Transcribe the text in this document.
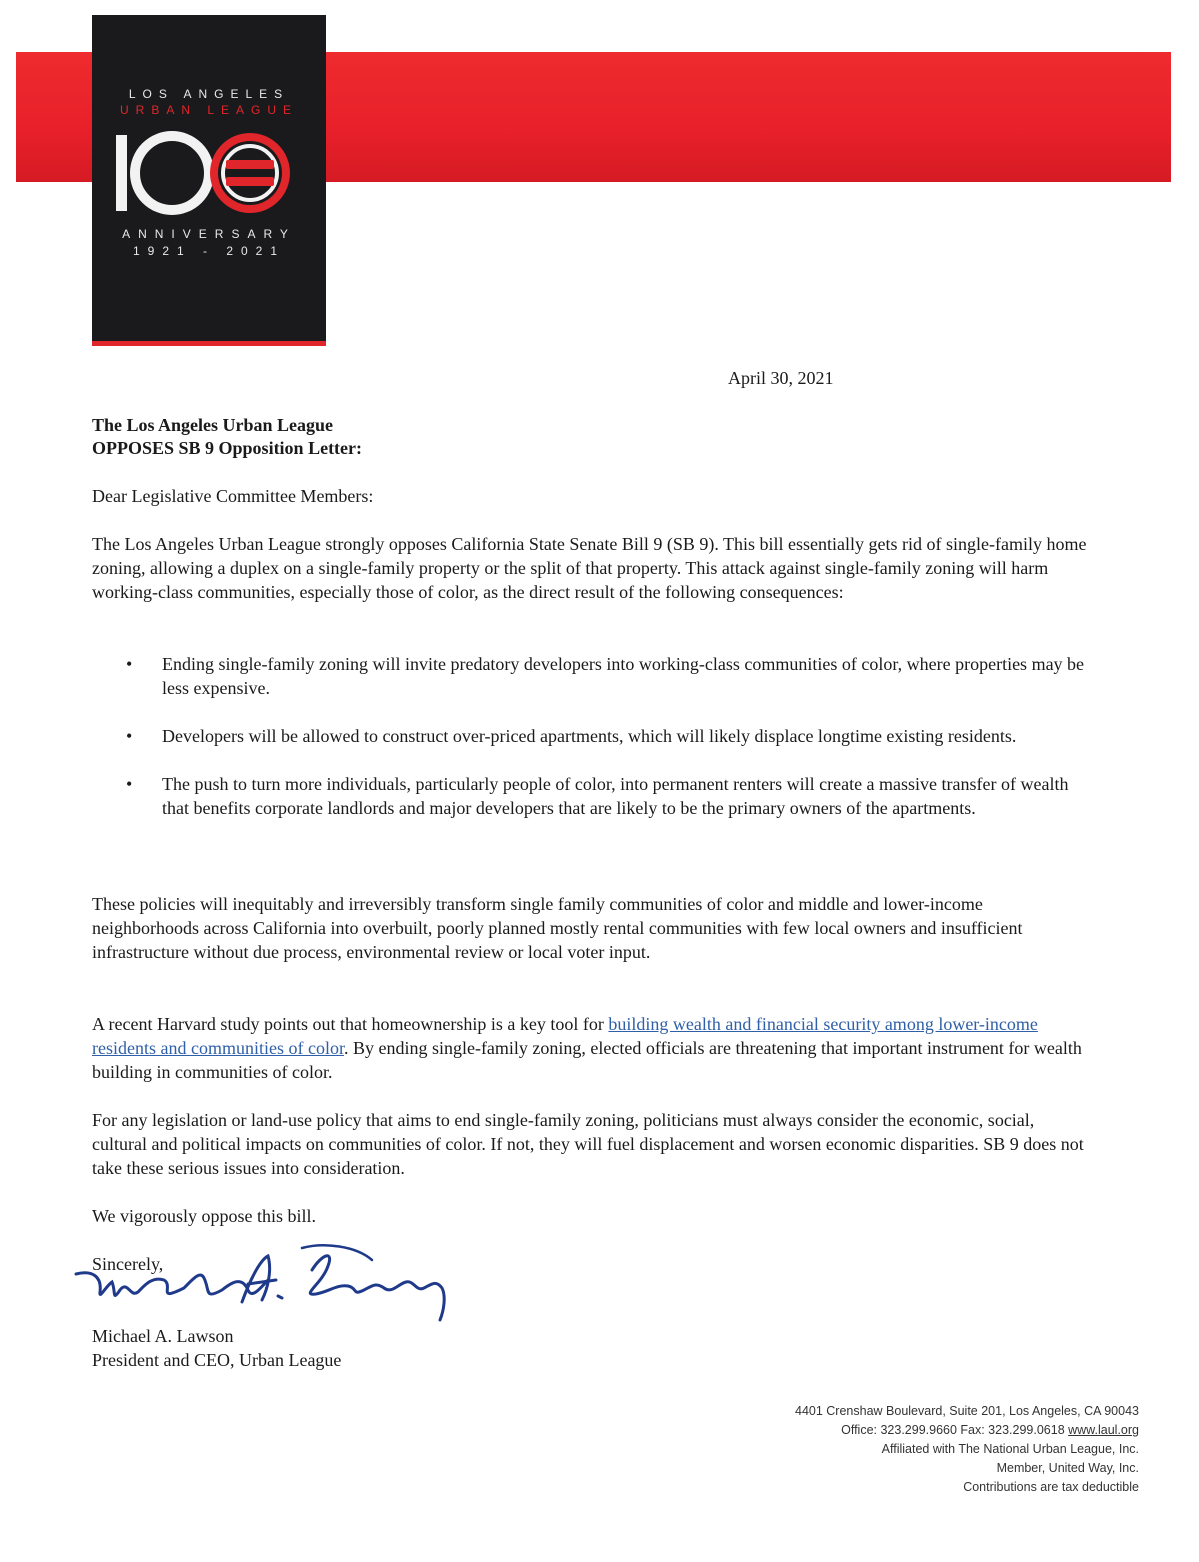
LOS ANGELES
URBAN LEAGUE
ANNIVERSARY
1921 - 2021

April 30, 2021

The Los Angeles Urban League
OPPOSES SB 9 Opposition Letter:

Dear Legislative Committee Members:

The Los Angeles Urban League strongly opposes California State Senate Bill 9 (SB 9). This bill essentially gets rid of single-family home zoning, allowing a duplex on a single-family property or the split of that property. This attack against single-family zoning will harm working-class communities, especially those of color, as the direct result of the following consequences:

• Ending single-family zoning will invite predatory developers into working-class communities of color, where properties may be less expensive.
• Developers will be allowed to construct over-priced apartments, which will likely displace longtime existing residents.
• The push to turn more individuals, particularly people of color, into permanent renters will create a massive transfer of wealth that benefits corporate landlords and major developers that are likely to be the primary owners of the apartments.

These policies will inequitably and irreversibly transform single family communities of color and middle and lower-income neighborhoods across California into overbuilt, poorly planned mostly rental communities with few local owners and insufficient infrastructure without due process, environmental review or local voter input.

A recent Harvard study points out that homeownership is a key tool for building wealth and financial security among lower-income residents and communities of color. By ending single-family zoning, elected officials are threatening that important instrument for wealth building in communities of color.

For any legislation or land-use policy that aims to end single-family zoning, politicians must always consider the economic, social, cultural and political impacts on communities of color. If not, they will fuel displacement and worsen economic disparities. SB 9 does not take these serious issues into consideration.

We vigorously oppose this bill.

Sincerely,

Michael A. Lawson
President and CEO, Urban League
4401 Crenshaw Boulevard, Suite 201, Los Angeles, CA 90043
Office: 323.299.9660 Fax: 323.299.0618 www.laul.org
Affiliated with The National Urban League, Inc.
Member, United Way, Inc.
Contributions are tax deductible
